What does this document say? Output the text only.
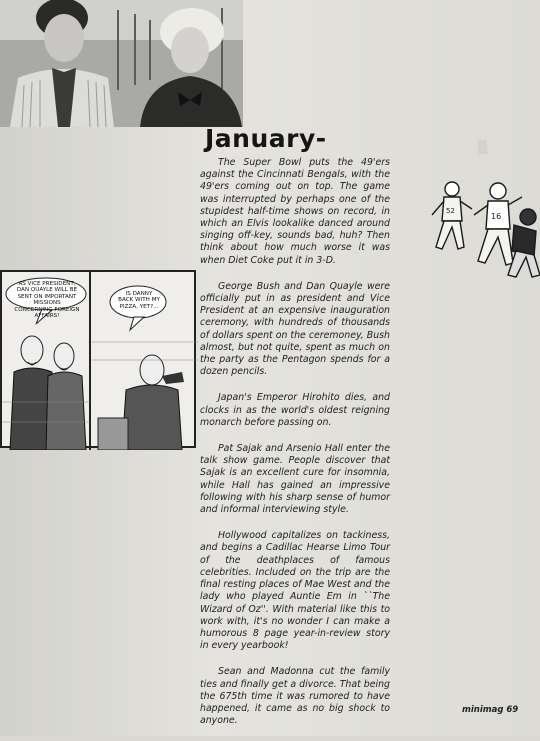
▒
January-

The Super Bowl puts the 49'ers against the Cincinnati Bengals, with the 49'ers coming out on top. The game was interrupted by perhaps one of the stupidest half-time shows on record, in which an Elvis lookalike danced around singing off-key, sounds bad, huh? Then think about how much worse it was when Diet Coke put it in 3-D.

George Bush and Dan Quayle were officially put in as president and Vice President at an expensive inauguration ceremony, with hundreds of thousands of dollars spent on the ceremoney, Bush almost, but not quite, spent as much on the party as the Pentagon spends for a dozen pencils.

Japan's Emperor Hirohito dies, and clocks in as the world's oldest reigning monarch before passing on.

Pat Sajak and Arsenio Hall enter the talk show game. People discover that Sajak is an excellent cure for insomnia, while Hall has gained an impressive following with his sharp sense of humor and informal interviewing style.

Hollywood capitalizes on tackiness, and begins a Cadillac Hearse Limo Tour of the deathplaces of famous celebrities. Included on the trip are the final resting places of Mae West and the lady who played Auntie Em in ``The Wizard of Oz''. With material like this to work with, it's no wonder I can make a humorous 8 page year-in-review story in every yearbook!

Sean and Madonna cut the family ties and finally get a divorce. That being the 675th time it was rumored to have happened, it came as no big shock to anyone.

AS VICE PRESIDENT, DAN QUAYLE WILL BE SENT ON IMPORTANT MISSIONS CONCERNING FOREIGN AFFAIRS!
IS DANNY BACK WITH MY PIZZA, YET?...
16
52
minimag 69
